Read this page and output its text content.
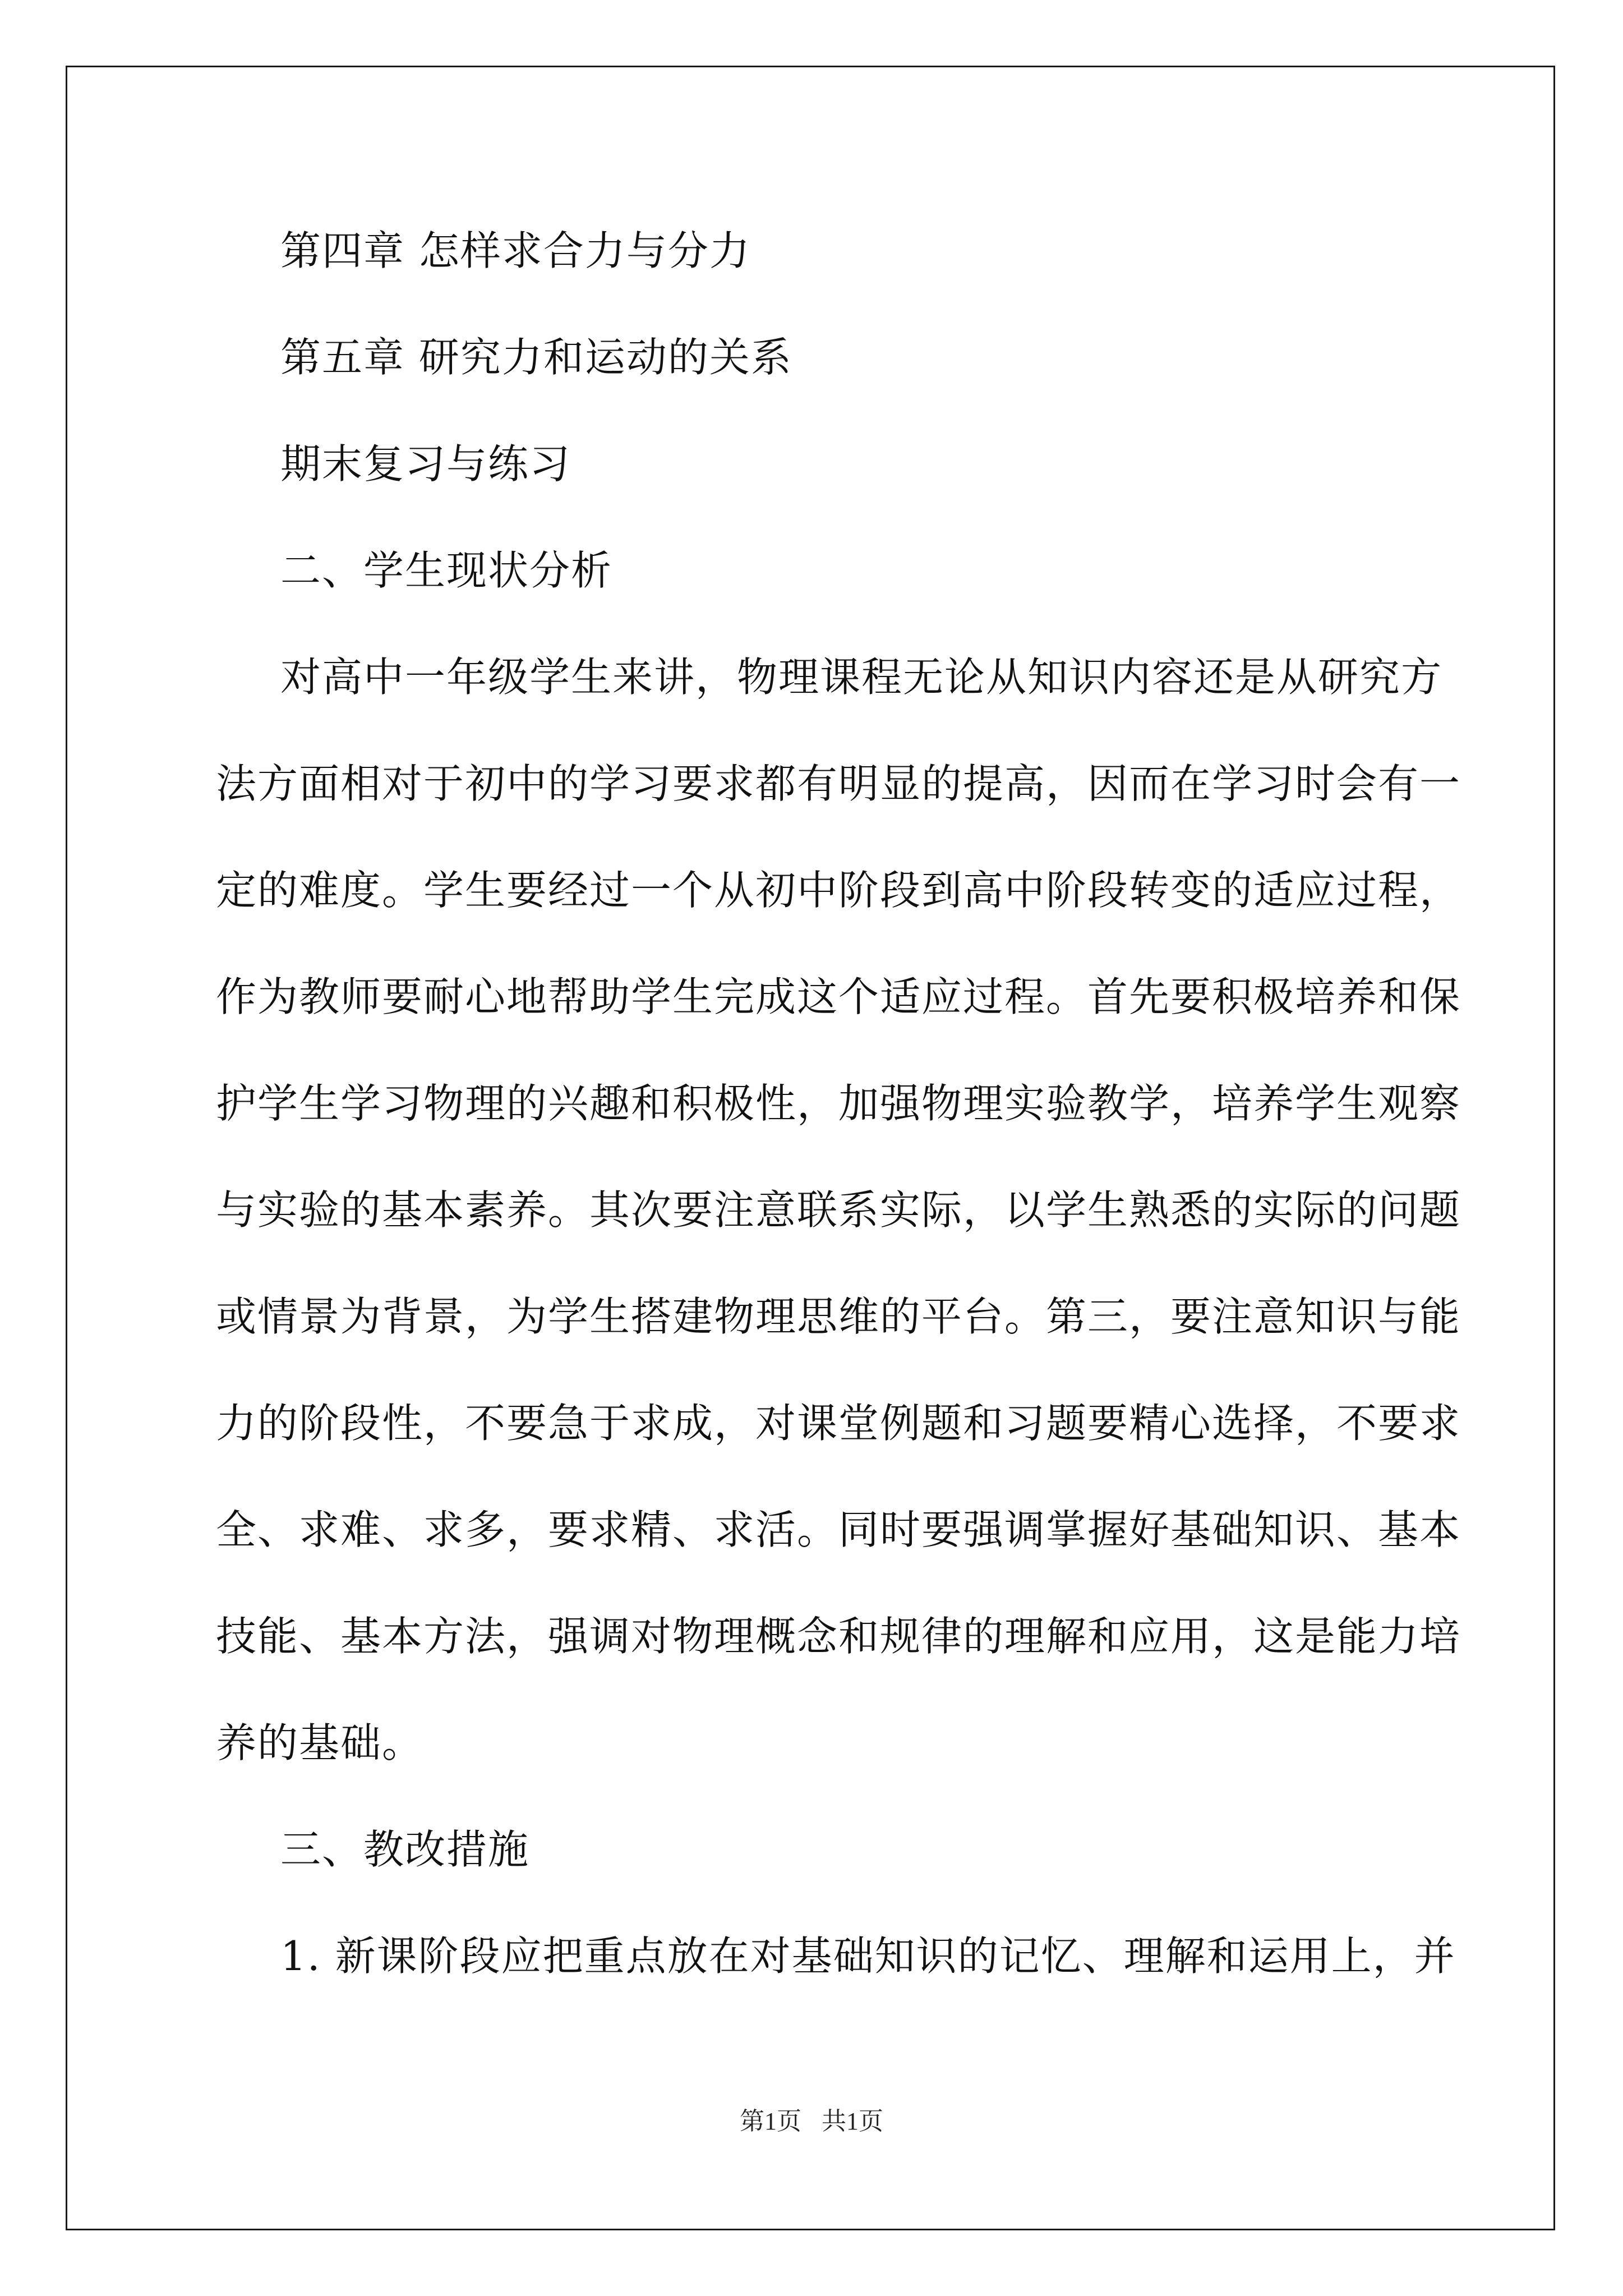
第四章 怎样求合力与分力
第五章 研究力和运动的关系
期末复习与练习
二、学生现状分析
对高中一年级学生来讲，物理课程无论从知识内容还是从研究方
法方面相对于初中的学习要求都有明显的提高，因而在学习时会有一
定的难度。学生要经过一个从初中阶段到高中阶段转变的适应过程，
作为教师要耐心地帮助学生完成这个适应过程。首先要积极培养和保
护学生学习物理的兴趣和积极性，加强物理实验教学，培养学生观察
与实验的基本素养。其次要注意联系实际，以学生熟悉的实际的问题
或情景为背景，为学生搭建物理思维的平台。第三，要注意知识与能
力的阶段性，不要急于求成，对课堂例题和习题要精心选择，不要求
全、求难、求多，要求精、求活。同时要强调掌握好基础知识、基本
技能、基本方法，强调对物理概念和规律的理解和应用，这是能力培
养的基础。
三、教改措施
1. 新课阶段应把重点放在对基础知识的记忆、理解和运用上，并
第1页 共1页
